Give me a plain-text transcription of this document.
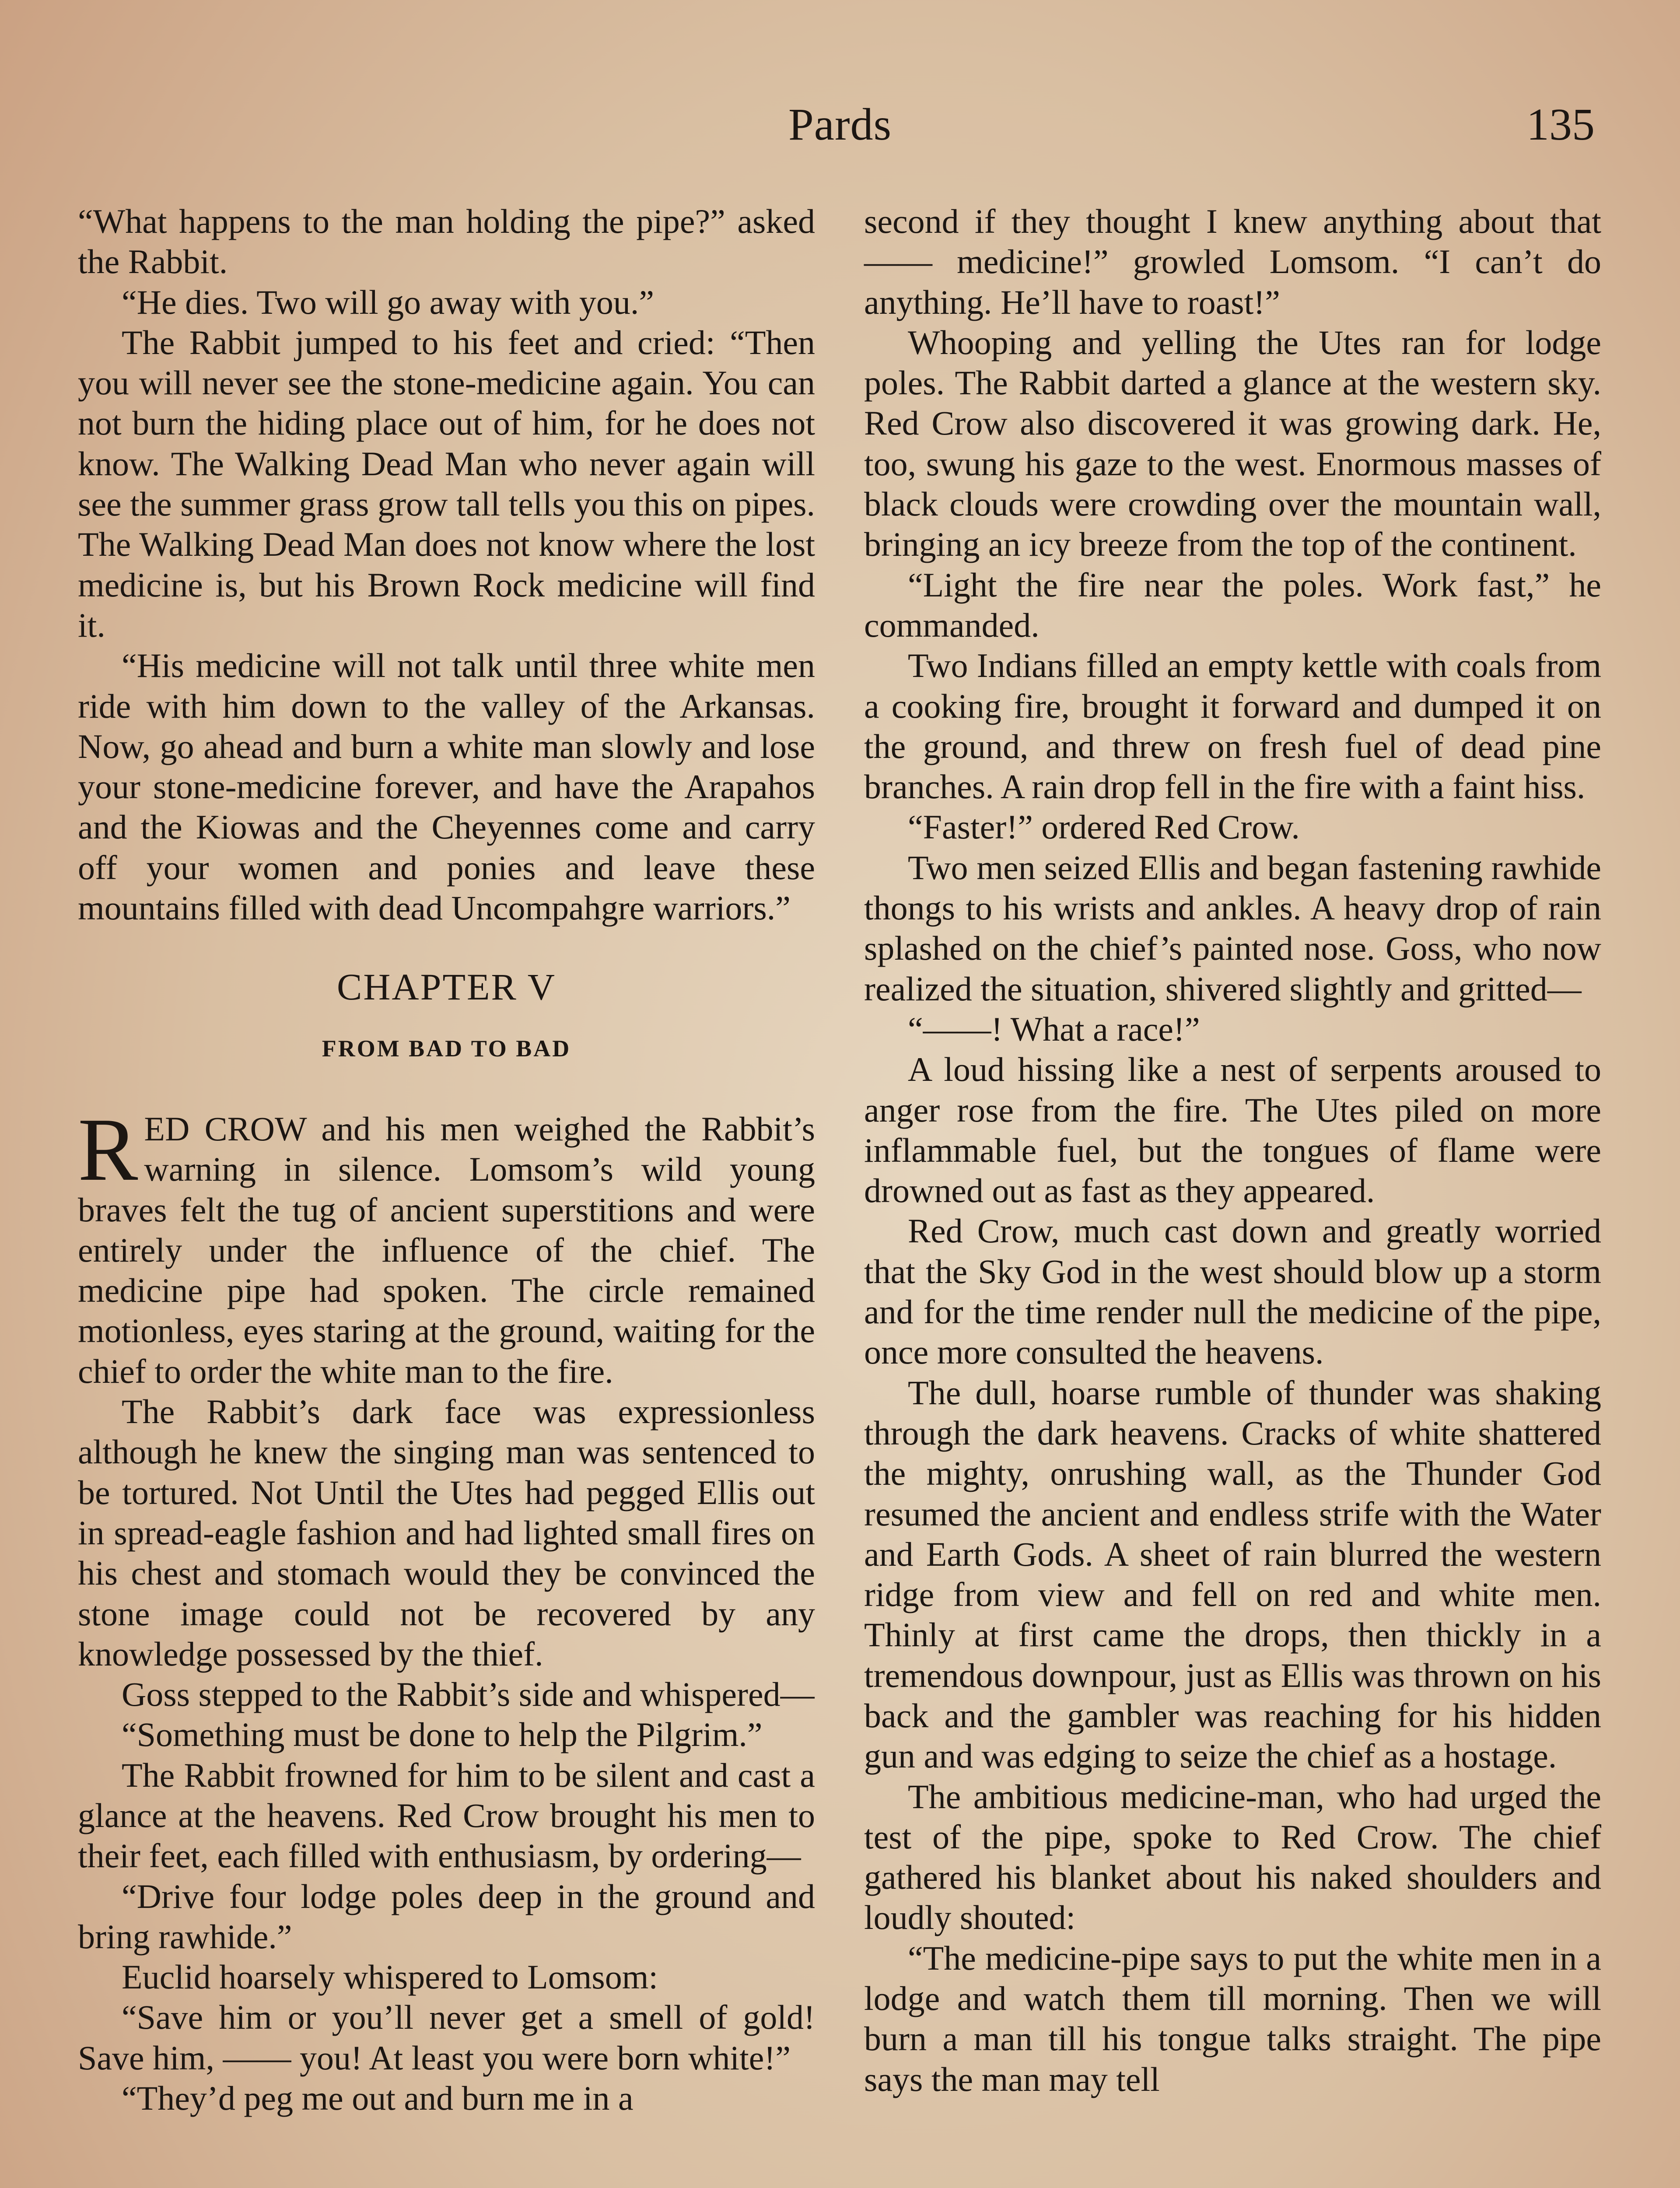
Pards	135

“What happens to the man holding the pipe?” asked the Rabbit.

“He dies. Two will go away with you.”

The Rabbit jumped to his feet and cried: “Then you will never see the stone-medicine again. You can not burn the hiding place out of him, for he does not know. The Walking Dead Man who never again will see the summer grass grow tall tells you this on pipes. The Walking Dead Man does not know where the lost medicine is, but his Brown Rock medicine will find it.

“His medicine will not talk until three white men ride with him down to the valley of the Arkansas. Now, go ahead and burn a white man slowly and lose your stone-medicine forever, and have the Arapahos and the Kiowas and the Cheyennes come and carry off your women and ponies and leave these mountains filled with dead Uncompahgre warriors.”

CHAPTER V
FROM BAD TO BAD

RED CROW and his men weighed the Rabbit’s warning in silence. Lomsom’s wild young braves felt the tug of ancient superstitions and were entirely under the influence of the chief. The medicine pipe had spoken. The circle remained motionless, eyes staring at the ground, waiting for the chief to order the white man to the fire.

The Rabbit’s dark face was expressionless although he knew the singing man was sentenced to be tortured. Not Until the Utes had pegged Ellis out in spread-eagle fashion and had lighted small fires on his chest and stomach would they be convinced the stone image could not be recovered by any knowledge possessed by the thief.

Goss stepped to the Rabbit’s side and whispered—

“Something must be done to help the Pilgrim.”

The Rabbit frowned for him to be silent and cast a glance at the heavens. Red Crow brought his men to their feet, each filled with enthusiasm, by ordering—

“Drive four lodge poles deep in the ground and bring rawhide.”

Euclid hoarsely whispered to Lomsom:

“Save him or you’ll never get a smell of gold! Save him, —— you! At least you were born white!”

“They’d peg me out and burn me in a

second if they thought I knew anything about that —— medicine!” growled Lomsom. “I can’t do anything. He’ll have to roast!”

Whooping and yelling the Utes ran for lodge poles. The Rabbit darted a glance at the western sky. Red Crow also discovered it was growing dark. He, too, swung his gaze to the west. Enormous masses of black clouds were crowding over the mountain wall, bringing an icy breeze from the top of the continent.

“Light the fire near the poles. Work fast,” he commanded.

Two Indians filled an empty kettle with coals from a cooking fire, brought it forward and dumped it on the ground, and threw on fresh fuel of dead pine branches. A rain drop fell in the fire with a faint hiss.

“Faster!” ordered Red Crow.

Two men seized Ellis and began fastening rawhide thongs to his wrists and ankles. A heavy drop of rain splashed on the chief’s painted nose. Goss, who now realized the situation, shivered slightly and gritted—

“——! What a race!”

A loud hissing like a nest of serpents aroused to anger rose from the fire. The Utes piled on more inflammable fuel, but the tongues of flame were drowned out as fast as they appeared.

Red Crow, much cast down and greatly worried that the Sky God in the west should blow up a storm and for the time render null the medicine of the pipe, once more consulted the heavens.

The dull, hoarse rumble of thunder was shaking through the dark heavens. Cracks of white shattered the mighty, onrushing wall, as the Thunder God resumed the ancient and endless strife with the Water and Earth Gods. A sheet of rain blurred the western ridge from view and fell on red and white men. Thinly at first came the drops, then thickly in a tremendous downpour, just as Ellis was thrown on his back and the gambler was reaching for his hidden gun and was edging to seize the chief as a hostage.

The ambitious medicine-man, who had urged the test of the pipe, spoke to Red Crow. The chief gathered his blanket about his naked shoulders and loudly shouted:

“The medicine-pipe says to put the white men in a lodge and watch them till morning. Then we will burn a man till his tongue talks straight. The pipe says the man may tell
